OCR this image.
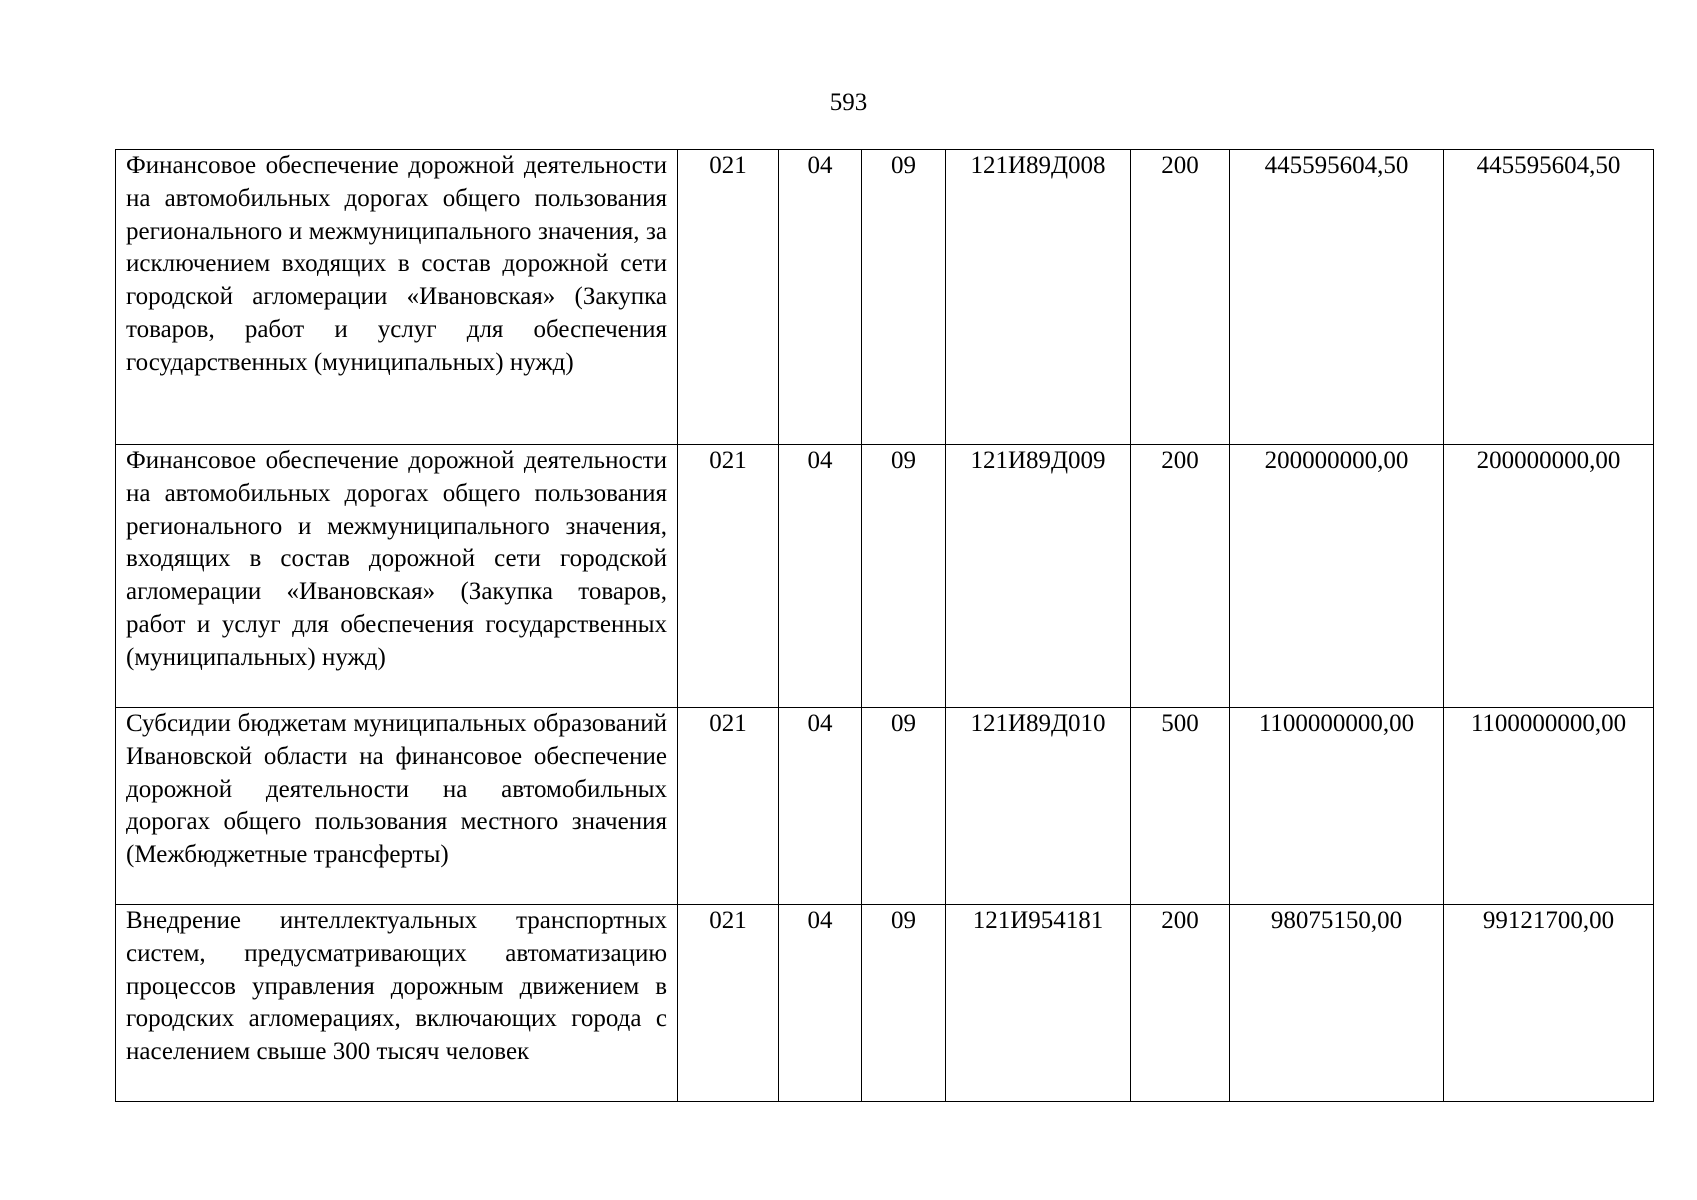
593
Финансовое обеспечение дорожной деятельности на автомобильных дорогах общего пользования регионального и межмуниципального значения, за исключением входящих в состав дорожной сети городской агломерации «Ивановская» (Закупка товаров, работ и услуг для обеспечения государственных (муниципальных) нужд)	021	04	09	121И89Д008	200	445595604,50	445595604,50
Финансовое обеспечение дорожной деятельности на автомобильных дорогах общего пользования регионального и межмуниципального значения, входящих в состав дорожной сети городской агломерации «Ивановская» (Закупка товаров, работ и услуг для обеспечения государственных (муниципальных) нужд)	021	04	09	121И89Д009	200	200000000,00	200000000,00
Субсидии бюджетам муниципальных образований Ивановской области на финансовое обеспечение дорожной деятельности на автомобильных дорогах общего пользования местного значения (Межбюджетные трансферты)	021	04	09	121И89Д010	500	1100000000,00	1100000000,00
Внедрение интеллектуальных транспортных систем, предусматривающих автоматизацию процессов управления дорожным движением в городских агломерациях, включающих города с населением свыше 300 тысяч человек	021	04	09	121И954181	200	98075150,00	99121700,00
